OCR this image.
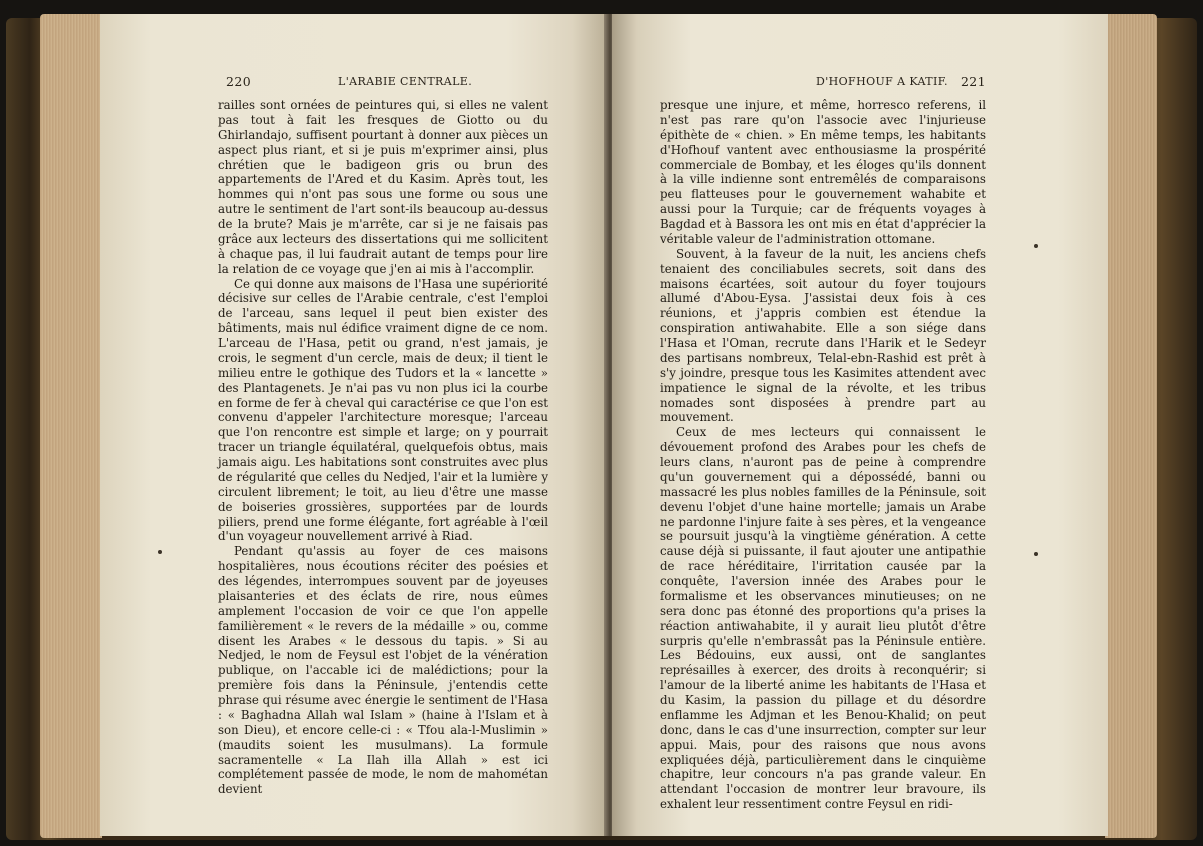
220	L'ARABIE CENTRALE.

railles sont ornées de peintures qui, si elles ne valent pas tout à fait les fresques de Giotto ou du Ghirlandajo, suffisent pourtant à donner aux pièces un aspect plus riant, et si je puis m'exprimer ainsi, plus chrétien que le badigeon gris ou brun des appartements de l'Ared et du Kasim. Après tout, les hommes qui n'ont pas sous une forme ou sous une autre le sentiment de l'art sont-ils beaucoup au-dessus de la brute? Mais je m'arrête, car si je ne faisais pas grâce aux lecteurs des dissertations qui me sollicitent à chaque pas, il lui faudrait autant de temps pour lire la relation de ce voyage que j'en ai mis à l'accomplir.

Ce qui donne aux maisons de l'Hasa une supériorité décisive sur celles de l'Arabie centrale, c'est l'emploi de l'arceau, sans lequel il peut bien exister des bâtiments, mais nul édifice vraiment digne de ce nom. L'arceau de l'Hasa, petit ou grand, n'est jamais, je crois, le segment d'un cercle, mais de deux; il tient le milieu entre le gothique des Tudors et la « lancette » des Plantagenets. Je n'ai pas vu non plus ici la courbe en forme de fer à cheval qui caractérise ce que l'on est convenu d'appeler l'architecture moresque; l'arceau que l'on rencontre est simple et large; on y pourrait tracer un triangle équilatéral, quelquefois obtus, mais jamais aigu. Les habitations sont construites avec plus de régularité que celles du Nedjed, l'air et la lumière y circulent librement; le toit, au lieu d'être une masse de boiseries grossières, supportées par de lourds piliers, prend une forme élégante, fort agréable à l'œil d'un voyageur nouvellement arrivé à Riad.

Pendant qu'assis au foyer de ces maisons hospitalières, nous écoutions réciter des poésies et des légendes, interrompues souvent par de joyeuses plaisanteries et des éclats de rire, nous eûmes amplement l'occasion de voir ce que l'on appelle familièrement « le revers de la médaille » ou, comme disent les Arabes « le dessous du tapis. » Si au Nedjed, le nom de Feysul est l'objet de la vénération publique, on l'accable ici de malédictions; pour la première fois dans la Péninsule, j'entendis cette phrase qui résume avec énergie le sentiment de l'Hasa : « Baghadna Allah wal Islam » (haine à l'Islam et à son Dieu), et encore celle-ci : « Tfou ala-l-Muslimin » (maudits soient les musulmans). La formule sacramentelle « La Ilah illa Allah » est ici complétement passée de mode, le nom de mahométan devient

D'HOFHOUF A KATIF. 221

presque une injure, et même, horresco referens, il n'est pas rare qu'on l'associe avec l'injurieuse épithète de « chien. » En même temps, les habitants d'Hofhouf vantent avec enthousiasme la prospérité commerciale de Bombay, et les éloges qu'ils donnent à la ville indienne sont entremêlés de comparaisons peu flatteuses pour le gouvernement wahabite et aussi pour la Turquie; car de fréquents voyages à Bagdad et à Bassora les ont mis en état d'apprécier la véritable valeur de l'administration ottomane.

Souvent, à la faveur de la nuit, les anciens chefs tenaient des conciliabules secrets, soit dans des maisons écartées, soit autour du foyer toujours allumé d'Abou-Eysa. J'assistai deux fois à ces réunions, et j'appris combien est étendue la conspiration antiwahabite. Elle a son siége dans l'Hasa et l'Oman, recrute dans l'Harik et le Sedeyr des partisans nombreux, Telal-ebn-Rashid est prêt à s'y joindre, presque tous les Kasimites attendent avec impatience le signal de la révolte, et les tribus nomades sont disposées à prendre part au mouvement.

Ceux de mes lecteurs qui connaissent le dévouement profond des Arabes pour les chefs de leurs clans, n'auront pas de peine à comprendre qu'un gouvernement qui a dépossédé, banni ou massacré les plus nobles familles de la Péninsule, soit devenu l'objet d'une haine mortelle; jamais un Arabe ne pardonne l'injure faite à ses pères, et la vengeance se poursuit jusqu'à la vingtième génération. A cette cause déjà si puissante, il faut ajouter une antipathie de race héréditaire, l'irritation causée par la conquête, l'aversion innée des Arabes pour le formalisme et les observances minutieuses; on ne sera donc pas étonné des proportions qu'a prises la réaction antiwahabite, il y aurait lieu plutôt d'être surpris qu'elle n'embrassât pas la Péninsule entière. Les Bédouins, eux aussi, ont de sanglantes représailles à exercer, des droits à reconquérir; si l'amour de la liberté anime les habitants de l'Hasa et du Kasim, la passion du pillage et du désordre enflamme les Adjman et les Benou-Khalid; on peut donc, dans le cas d'une insurrection, compter sur leur appui. Mais, pour des raisons que nous avons expliquées déjà, particulièrement dans le cinquième chapitre, leur concours n'a pas grande valeur. En attendant l'occasion de montrer leur bravoure, ils exhalent leur ressentiment contre Feysul en ridi-
